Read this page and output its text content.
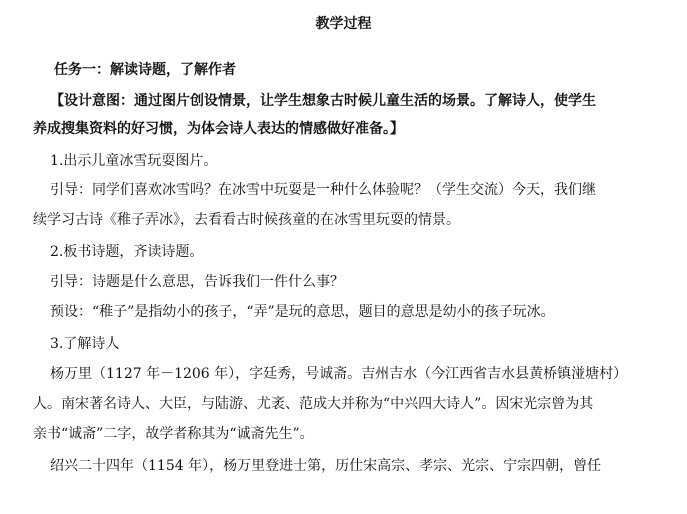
教学过程
任务一：解读诗题，了解作者
【设计意图：通过图片创设情景，让学生想象古时候儿童生活的场景。了解诗人，使学生
养成搜集资料的好习惯，为体会诗人表达的情感做好准备。】
1.出示儿童冰雪玩耍图片。
引导：同学们喜欢冰雪吗？在冰雪中玩耍是一种什么体验呢？（学生交流）今天，我们继
续学习古诗《稚子弄冰》，去看看古时候孩童的在冰雪里玩耍的情景。
2.板书诗题，齐读诗题。
引导：诗题是什么意思，告诉我们一件什么事？
预设：“稚子”是指幼小的孩子，“弄”是玩的意思，题目的意思是幼小的孩子玩冰。
3.了解诗人
杨万里（1127 年－1206 年），字廷秀，号诚斋。吉州吉水（今江西省吉水县黄桥镇湴塘村）
人。南宋著名诗人、大臣，与陆游、尤袤、范成大并称为“中兴四大诗人”。因宋光宗曾为其
亲书“诚斋”二字，故学者称其为“诚斋先生”。
绍兴二十四年（1154 年），杨万里登进士第，历仕宋高宗、孝宗、光宗、宁宗四朝，曾任
